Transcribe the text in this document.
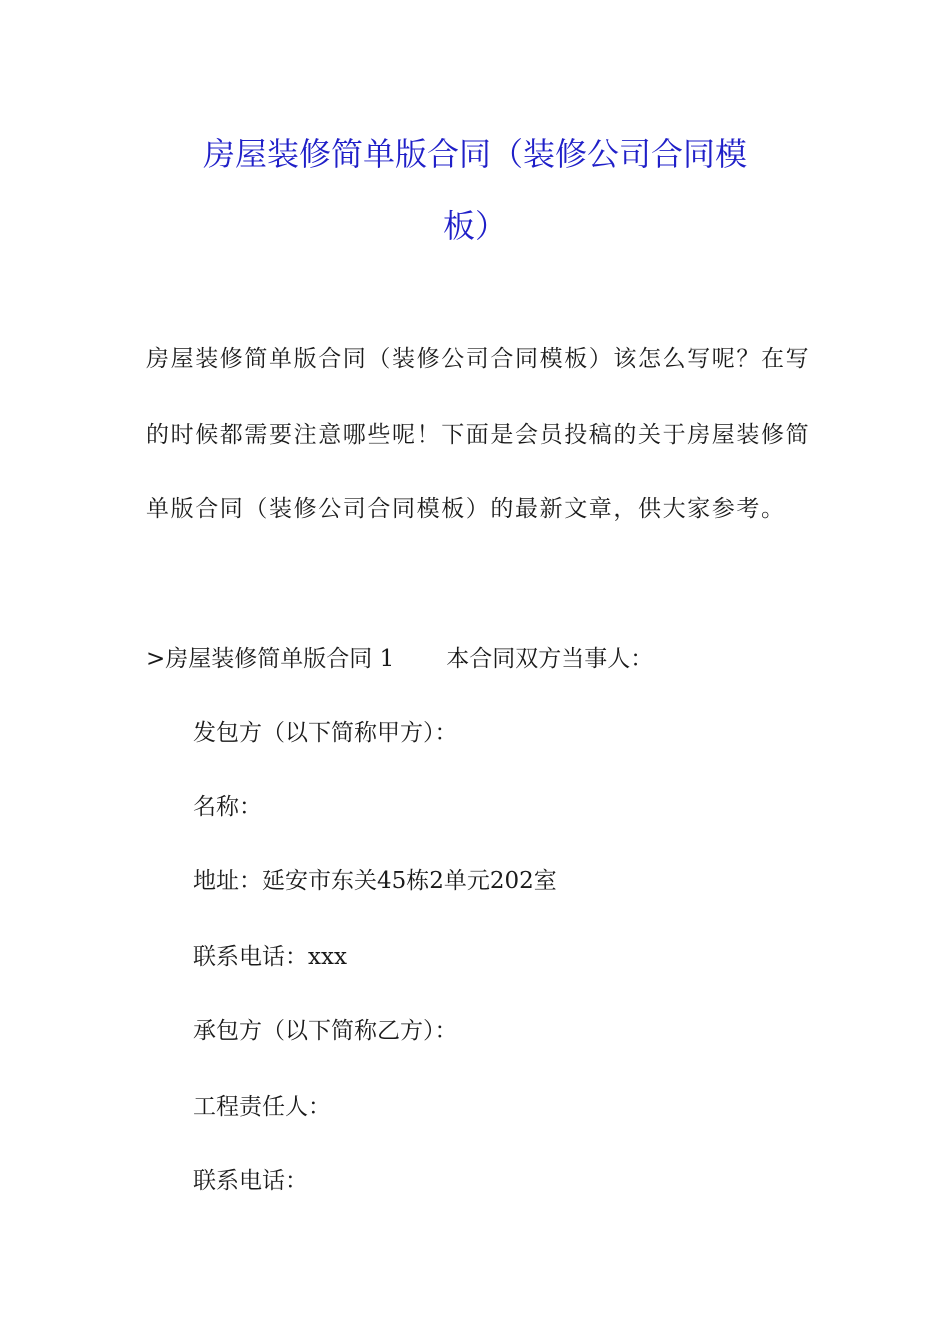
房屋装修简单版合同（装修公司合同模
板）
房屋装修简单版合同（装修公司合同模板）该怎么写呢？在写
的时候都需要注意哪些呢！下面是会员投稿的关于房屋装修简
单版合同（装修公司合同模板）的最新文章，供大家参考。
>房屋装修简单版合同 1 本合同双方当事人：
发包方（以下简称甲方）：
名称：
地址：延安市东关45栋2单元202室
联系电话：xxx
承包方（以下简称乙方）：
工程责任人：
联系电话：
